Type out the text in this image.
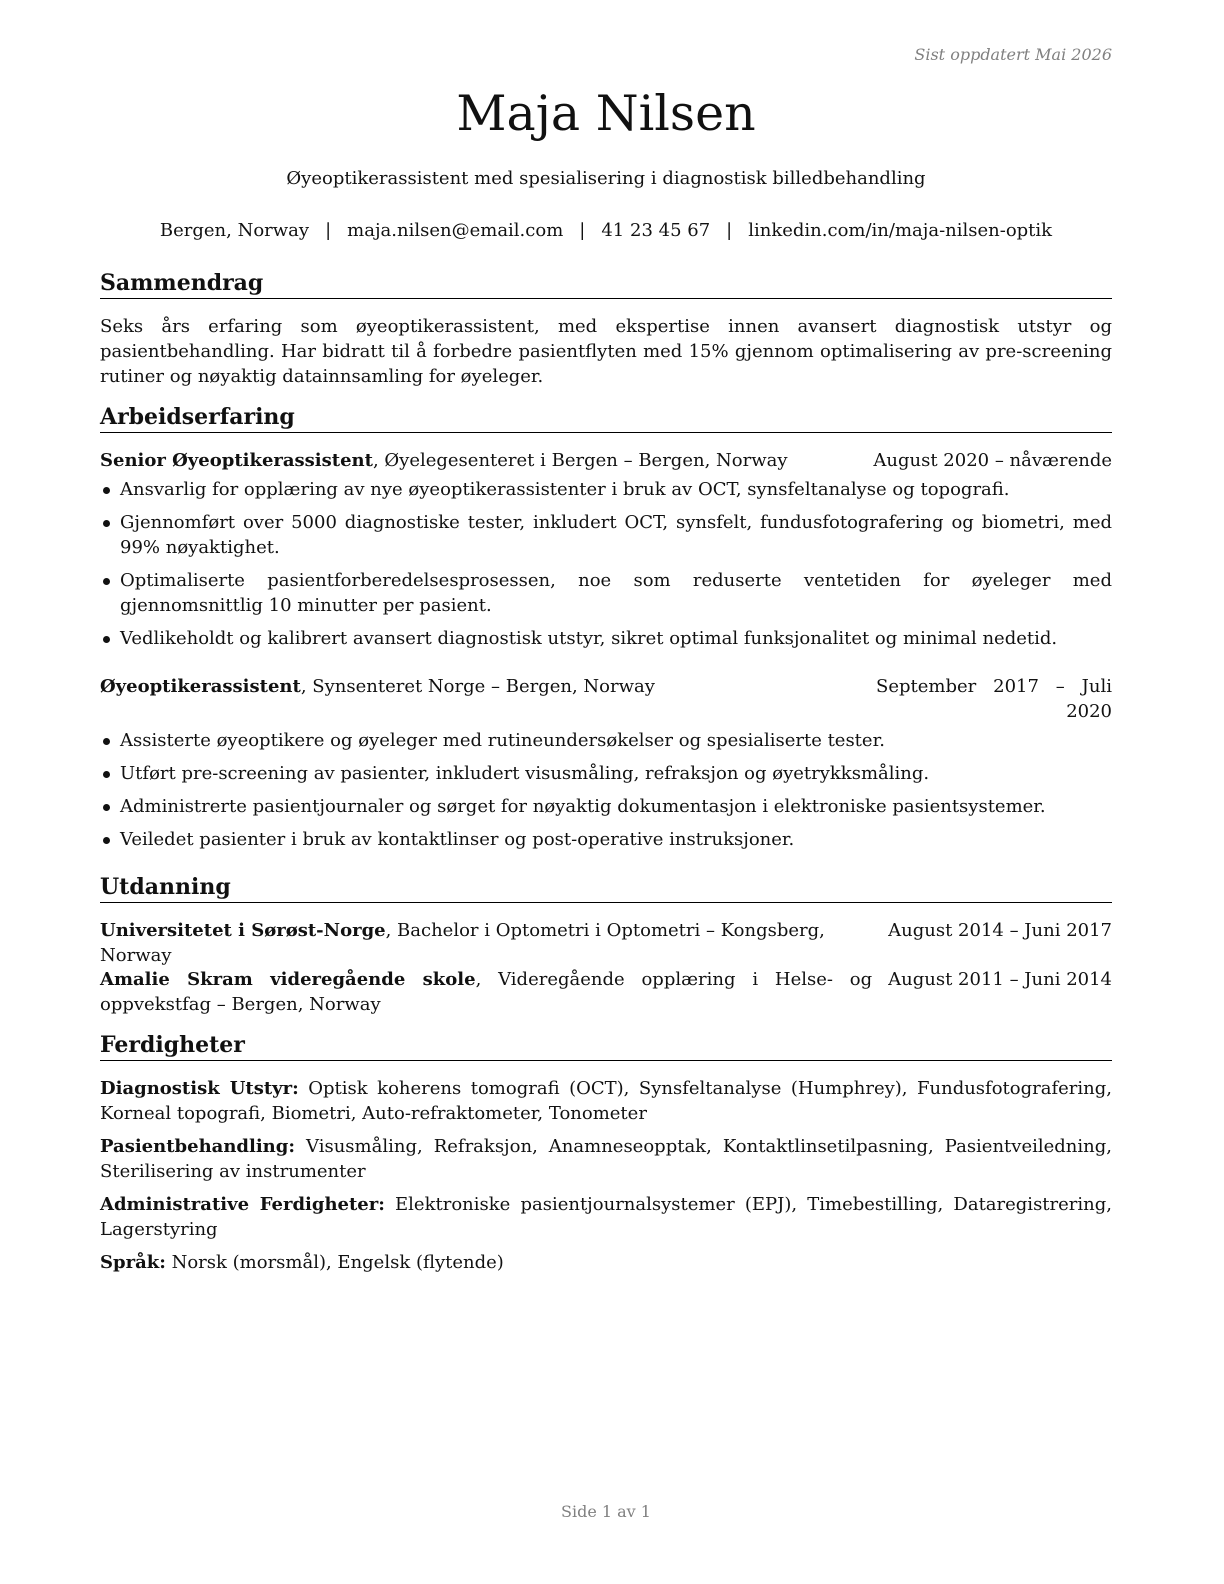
Sist oppdatert Mai 2026
Maja Nilsen
Øyeoptikerassistent med spesialisering i diagnostisk billedbehandling
Bergen, Norway | maja.nilsen@email.com | 41 23 45 67 | linkedin.com/in/maja-nilsen-optik
Sammendrag
Seks års erfaring som øyeoptikerassistent, med ekspertise innen avansert diagnostisk utstyr og pasientbehandling. Har bidratt til å forbedre pasientflyten med 15% gjennom optimalisering av pre-screening rutiner og nøyaktig datainnsamling for øyeleger.
Arbeidserfaring
Senior Øyeoptikerassistent, Øyelegesenteret i Bergen – Bergen, Norway	August 2020 – nåværende
Ansvarlig for opplæring av nye øyeoptikerassistenter i bruk av OCT, synsfeltanalyse og topografi.
Gjennomført over 5000 diagnostiske tester, inkludert OCT, synsfelt, fundusfotografering og biometri, med 99% nøyaktighet.
Optimaliserte pasientforberedelsesprosessen, noe som reduserte ventetiden for øyeleger med gjennomsnittlig 10 minutter per pasient.
Vedlikeholdt og kalibrert avansert diagnostisk utstyr, sikret optimal funksjonalitet og minimal nedetid.
Øyeoptikerassistent, Synsenteret Norge – Bergen, Norway	September 2017 – Juli 2020
Assisterte øyeoptikere og øyeleger med rutineundersøkelser og spesialiserte tester.
Utført pre-screening av pasienter, inkludert visusmåling, refraksjon og øyetrykksmåling.
Administrerte pasientjournaler og sørget for nøyaktig dokumentasjon i elektroniske pasientsystemer.
Veiledet pasienter i bruk av kontaktlinser og post-operative instruksjoner.
Utdanning
Universitetet i Sørøst-Norge, Bachelor i Optometri i Optometri – Kongsberg, Norway
August 2014 – Juni 2017
Amalie Skram videregående skole, Videregående opplæring i Helse- og oppvekstfag – Bergen, Norway
August 2011 – Juni 2014
Ferdigheter
Diagnostisk Utstyr: Optisk koherens tomografi (OCT), Synsfeltanalyse (Humphrey), Fundusfotografering, Korneal topografi, Biometri, Auto-refraktometer, Tonometer
Pasientbehandling: Visusmåling, Refraksjon, Anamneseopptak, Kontaktlinsetilpasning, Pasientveiledning, Sterilisering av instrumenter
Administrative Ferdigheter: Elektroniske pasientjournalsystemer (EPJ), Timebestilling, Dataregistrering, Lagerstyring
Språk: Norsk (morsmål), Engelsk (flytende)
Side 1 av 1
